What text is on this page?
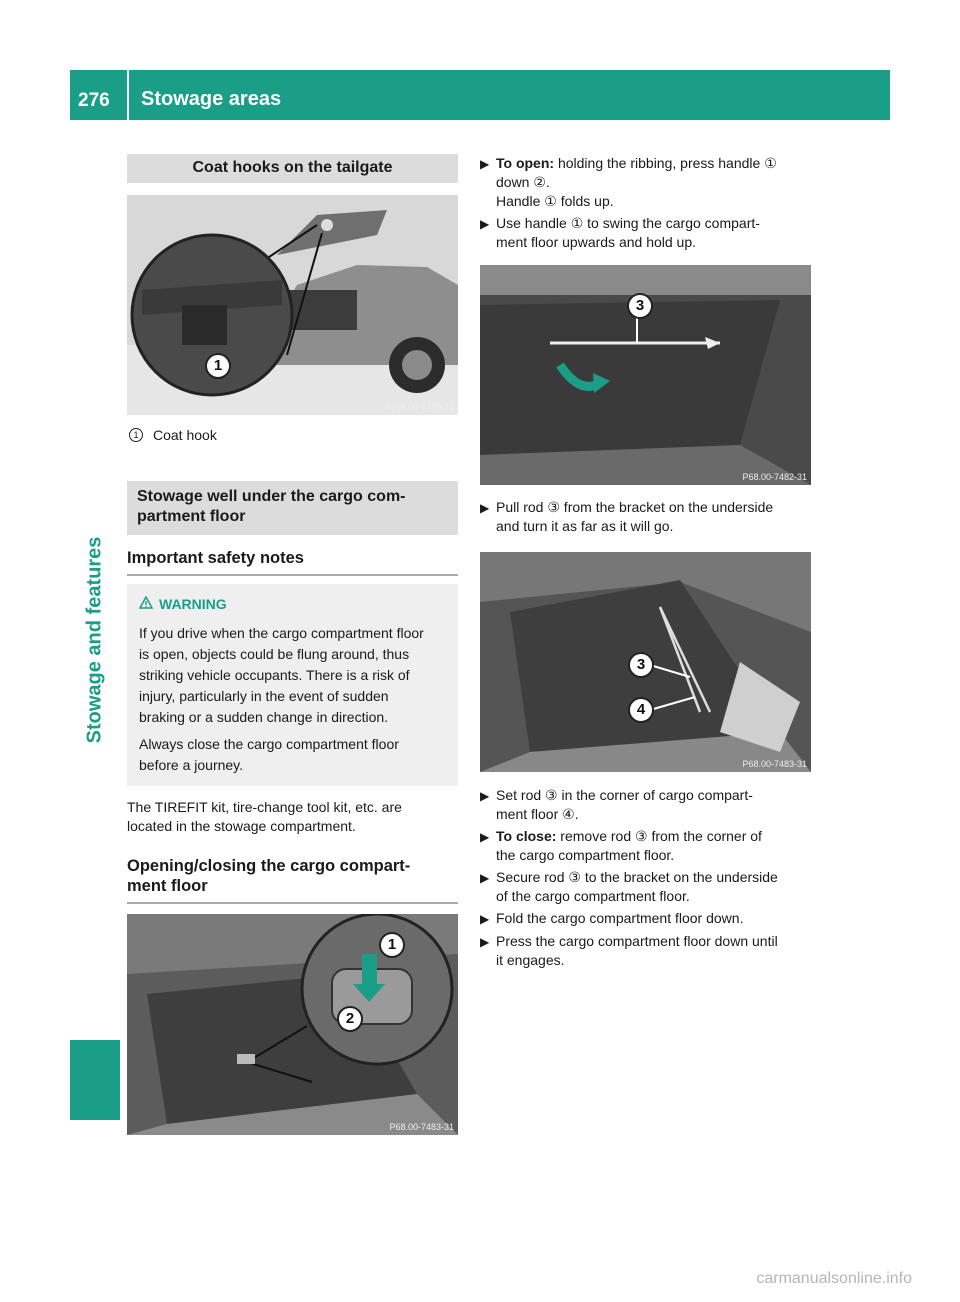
276 Stowage areas
Stowage and features
Coat hooks on the tailgate
1
P768.00-7480-31
1	Coat hook
Stowage well under the cargo com-
partment floor
Important safety notes
WARNING

If you drive when the cargo compartment floor
is open, objects could be flung around, thus
striking vehicle occupants. There is a risk of
injury, particularly in the event of sudden
braking or a sudden change in direction.

Always close the cargo compartment floor
before a journey.

The TIREFIT kit, tire-change tool kit, etc. are
located in the stowage compartment.
Opening/closing the cargo compart-
ment floor
1
2
P68.00-7483-31
▶ To open: holding the ribbing, press handle ①
down ②.
Handle ① folds up.
▶ Use handle ① to swing the cargo compart-
ment floor upwards and hold up.
3
P68.00-7482-31
▶ Pull rod ③ from the bracket on the underside
and turn it as far as it will go.
3
4
P68.00-7483-31
▶ Set rod ③ in the corner of cargo compart-
ment floor ④.
▶ To close: remove rod ③ from the corner of
the cargo compartment floor.
▶ Secure rod ③ to the bracket on the underside
of the cargo compartment floor.
▶ Fold the cargo compartment floor down.
▶ Press the cargo compartment floor down until
it engages.
carmanualsonline.info
